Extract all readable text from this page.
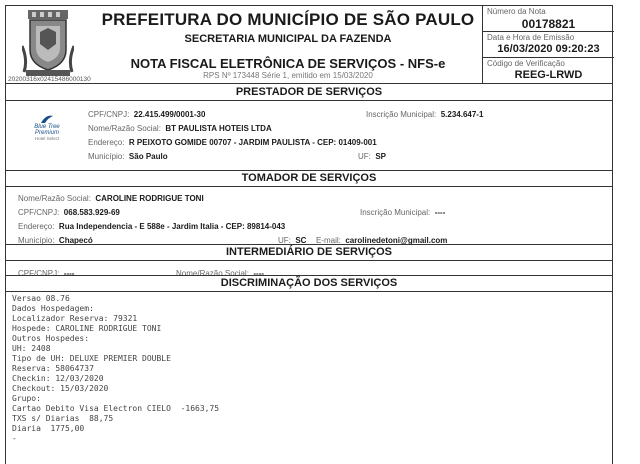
20200316x02415486000130
PREFEITURA DO MUNICÍPIO DE SÃO PAULO
SECRETARIA MUNICIPAL DA FAZENDA
NOTA FISCAL ELETRÔNICA DE SERVIÇOS - NFS-e
RPS Nº 173448 Série 1, emitido em 15/03/2020
Número da Nota
00178821
Data e Hora de Emissão
16/03/2020 09:20:23
Código de Verificação
REEG-LRWD
PRESTADOR DE SERVIÇOS
Blue Tree
Premium
Hotel Select
CPF/CNPJ: 22.415.499/0001-30	Inscrição Municipal: 5.234.647-1
Nome/Razão Social: BT PAULISTA HOTEIS LTDA
Endereço: R PEIXOTO GOMIDE 00707 - JARDIM PAULISTA - CEP: 01409-001
Município: São Paulo	UF: SP
TOMADOR DE SERVIÇOS
Nome/Razão Social: CAROLINE RODRIGUE TONI
CPF/CNPJ: 068.583.929-69	Inscrição Municipal: ----
Endereço: Rua Independencia - E 588e - Jardim Italia - CEP: 89814-043
Município: Chapecó	UF: SC E-mail: carolinedetoni@gmail.com
INTERMEDIÁRIO DE SERVIÇOS
CPF/CNPJ: ----	Nome/Razão Social: ----
DISCRIMINAÇÃO DOS SERVIÇOS
Versao 08.76
Dados Hospedagem:
Localizador Reserva: 79321
Hospede: CAROLINE RODRIGUE TONI
Outros Hospedes:
UH: 2408
Tipo de UH: DELUXE PREMIER DOUBLE
Reserva: 58064737
Checkin: 12/03/2020
Checkout: 15/03/2020
Grupo:
Cartao Debito Visa Electron CIELO  -1663,75
TXS s/ Diarias  88,75
Diaria  1775,00
-
